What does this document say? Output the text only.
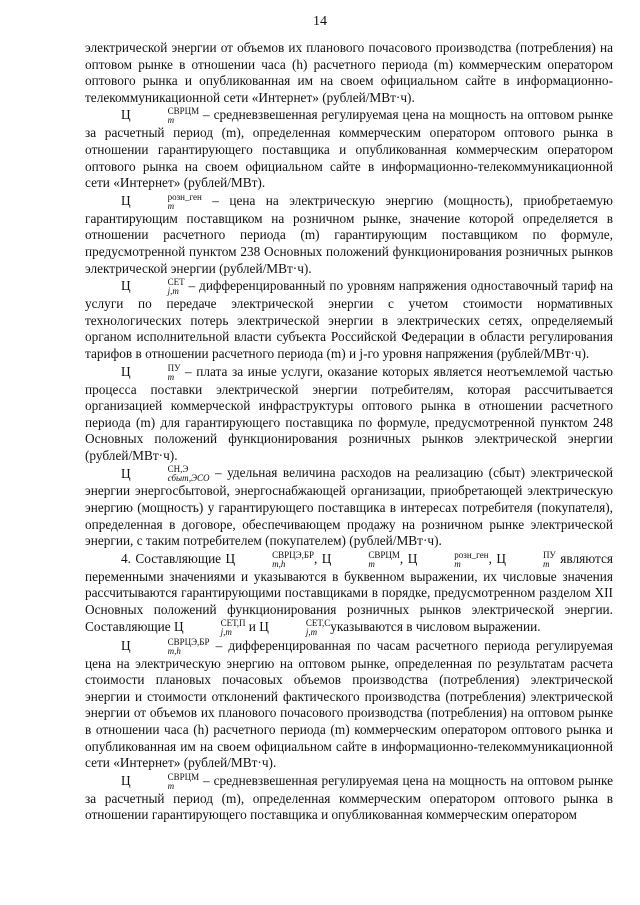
14

электрической энергии от объемов их планового почасового производства (потребления) на оптовом рынке в отношении часа (h) расчетного периода (m) коммерческим оператором оптового рынка и опубликованная им на своем официальном сайте в информационно-телекоммуникационной сети «Интернет» (рублей/МВт·ч).

Ц	СВРЦМ
m	– средневзвешенная регулируемая цена на мощность на оптовом рынке за расчетный период (m), определенная коммерческим оператором оптового рынка в отношении гарантирующего поставщика и опубликованная коммерческим оператором оптового рынка на своем официальном сайте в информационно-телекоммуникационной сети «Интернет» (рублей/МВт).

Ц	розн_ген
m	– цена на электрическую энергию (мощность), приобретаемую гарантирующим поставщиком на розничном рынке, значение которой определяется в отношении расчетного периода (m) гарантирующим поставщиком по формуле, предусмотренной пунктом 238 Основных положений функционирования розничных рынков электрической энергии (рублей/МВт·ч).

Ц	СЕТ
j,m – дифференцированный по уровням напряжения одноставочный тариф на услуги по передаче электрической энергии с учетом стоимости нормативных технологических потерь электрической энергии в электрических сетях, определяемый органом исполнительной власти субъекта Российской Федерации в области регулирования тарифов в отношении расчетного периода (m) и j-го уровня напряжения (рублей/МВт·ч).

Ц	ПУ
m – плата за иные услуги, оказание которых является неотъемлемой частью процесса поставки электрической энергии потребителям, которая рассчитывается организацией коммерческой инфраструктуры оптового рынка в отношении расчетного периода (m) для гарантирующего поставщика по формуле, предусмотренной пунктом 248 Основных положений функционирования розничных рынков электрической энергии (рублей/МВт·ч).

Ц	СН,Э
сбыт,ЭСО – удельная величина расходов на реализацию (сбыт) электрической энергии энергосбытовой, энергоснабжающей организации, приобретающей электрическую энергию (мощность) у гарантирующего поставщика в интересах потребителя (покупателя), определенная в договоре, обеспечивающем продажу на розничном рынке электрической энергии, с таким потребителем (покупателем) (рублей/МВт·ч).

4. Составляющие Ц	СВРЦЭ,БР
m,h	, Ц	СВРЦМ
m	, Ц	розн_ген
m	, Ц	ПУ
m являются переменными значениями и указываются в буквенном выражении, их числовые значения рассчитываются гарантирующими поставщиками в порядке, предусмотренном разделом XII Основных положений функционирования розничных рынков электрической энергии. Составляющие Ц	СЕТ,П
j,m	и Ц	СЕТ,С
j,m указываются в числовом выражении.

Ц	СВРЦЭ,БР
m,h	– дифференцированная по часам расчетного периода регулируемая цена на электрическую энергию на оптовом рынке, определенная по результатам расчета стоимости плановых почасовых объемов производства (потребления) электрической энергии и стоимости отклонений фактического производства (потребления) электрической энергии от объемов их планового почасового производства (потребления) на оптовом рынке в отношении часа (h) расчетного периода (m) коммерческим оператором оптового рынка и опубликованная им на своем официальном сайте в информационно-телекоммуникационной сети «Интернет» (рублей/МВт·ч).

Ц	СВРЦМ
m	– средневзвешенная регулируемая цена на мощность на оптовом рынке за расчетный период (m), определенная коммерческим оператором оптового рынка в отношении гарантирующего поставщика и опубликованная коммерческим оператором
